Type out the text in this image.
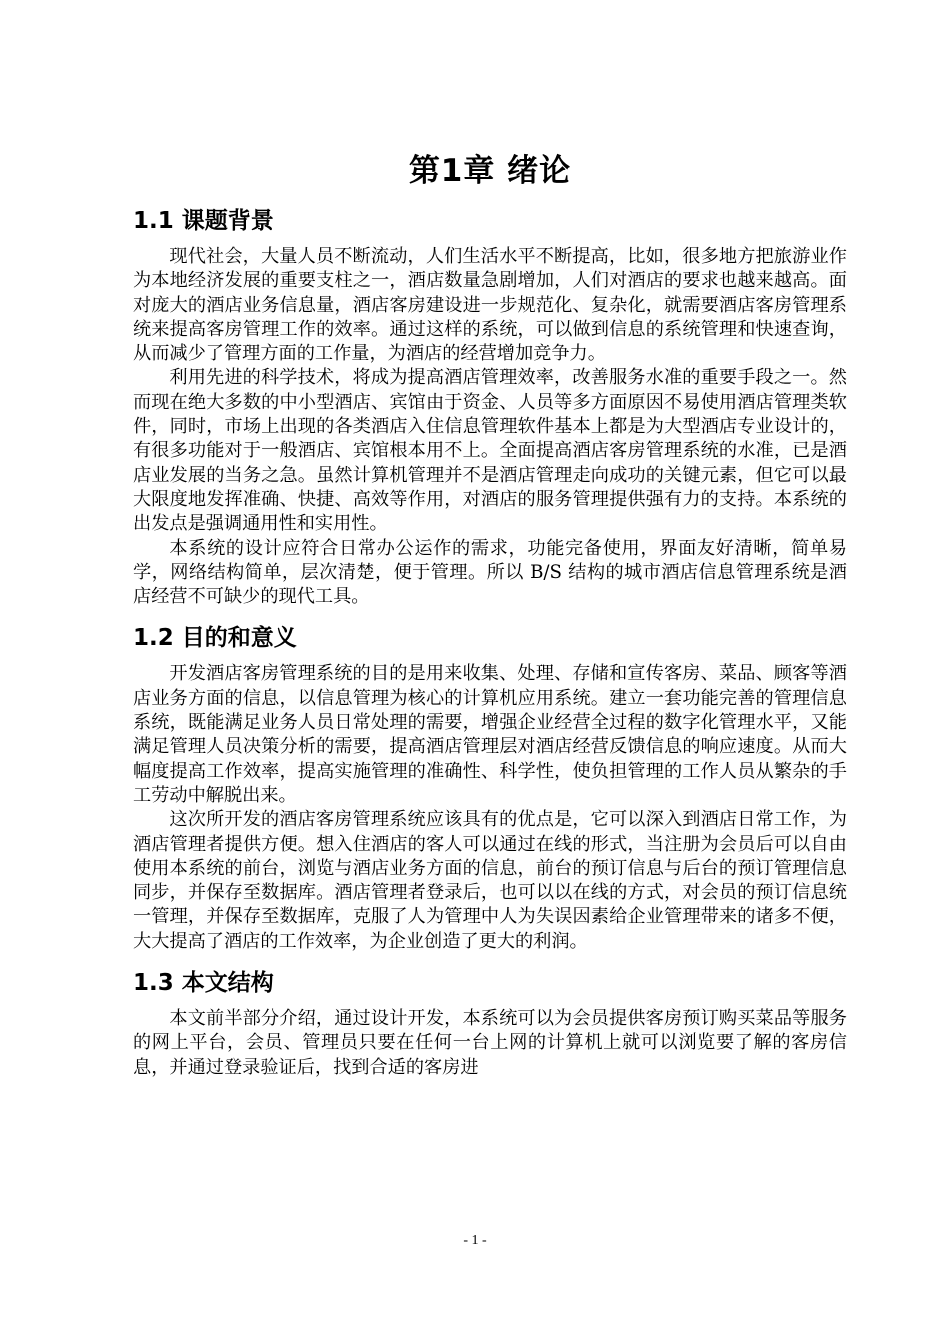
第1章 绪论
1.1 课题背景

现代社会，大量人员不断流动，人们生活水平不断提高，比如，很多地方把旅游业作为本地经济发展的重要支柱之一，酒店数量急剧增加，人们对酒店的要求也越来越高。面对庞大的酒店业务信息量，酒店客房建设进一步规范化、复杂化，就需要酒店客房管理系统来提高客房管理工作的效率。通过这样的系统，可以做到信息的系统管理和快速查询，从而减少了管理方面的工作量，为酒店的经营增加竞争力。

利用先进的科学技术，将成为提高酒店管理效率，改善服务水准的重要手段之一。然而现在绝大多数的中小型酒店、宾馆由于资金、人员等多方面原因不易使用酒店管理类软件，同时，市场上出现的各类酒店入住信息管理软件基本上都是为大型酒店专业设计的，有很多功能对于一般酒店、宾馆根本用不上。全面提高酒店客房管理系统的水准，已是酒店业发展的当务之急。虽然计算机管理并不是酒店管理走向成功的关键元素，但它可以最大限度地发挥准确、快捷、高效等作用，对酒店的服务管理提供强有力的支持。本系统的出发点是强调通用性和实用性。

本系统的设计应符合日常办公运作的需求，功能完备使用，界面友好清晰，简单易学，网络结构简单，层次清楚，便于管理。所以 B/S 结构的城市酒店信息管理系统是酒店经营不可缺少的现代工具。

1.2 目的和意义

开发酒店客房管理系统的目的是用来收集、处理、存储和宣传客房、菜品、顾客等酒店业务方面的信息，以信息管理为核心的计算机应用系统。建立一套功能完善的管理信息系统，既能满足业务人员日常处理的需要，增强企业经营全过程的数字化管理水平，又能满足管理人员决策分析的需要，提高酒店管理层对酒店经营反馈信息的响应速度。从而大幅度提高工作效率，提高实施管理的准确性、科学性，使负担管理的工作人员从繁杂的手工劳动中解脱出来。

这次所开发的酒店客房管理系统应该具有的优点是，它可以深入到酒店日常工作，为酒店管理者提供方便。想入住酒店的客人可以通过在线的形式，当注册为会员后可以自由使用本系统的前台，浏览与酒店业务方面的信息，前台的预订信息与后台的预订管理信息同步，并保存至数据库。酒店管理者登录后，也可以以在线的方式，对会员的预订信息统一管理，并保存至数据库，克服了人为管理中人为失误因素给企业管理带来的诸多不便，大大提高了酒店的工作效率，为企业创造了更大的利润。

1.3 本文结构

本文前半部分介绍，通过设计开发，本系统可以为会员提供客房预订购买菜品等服务的网上平台，会员、管理员只要在任何一台上网的计算机上就可以浏览要了解的客房信息，并通过登录验证后，找到合适的客房进

- 1 -
